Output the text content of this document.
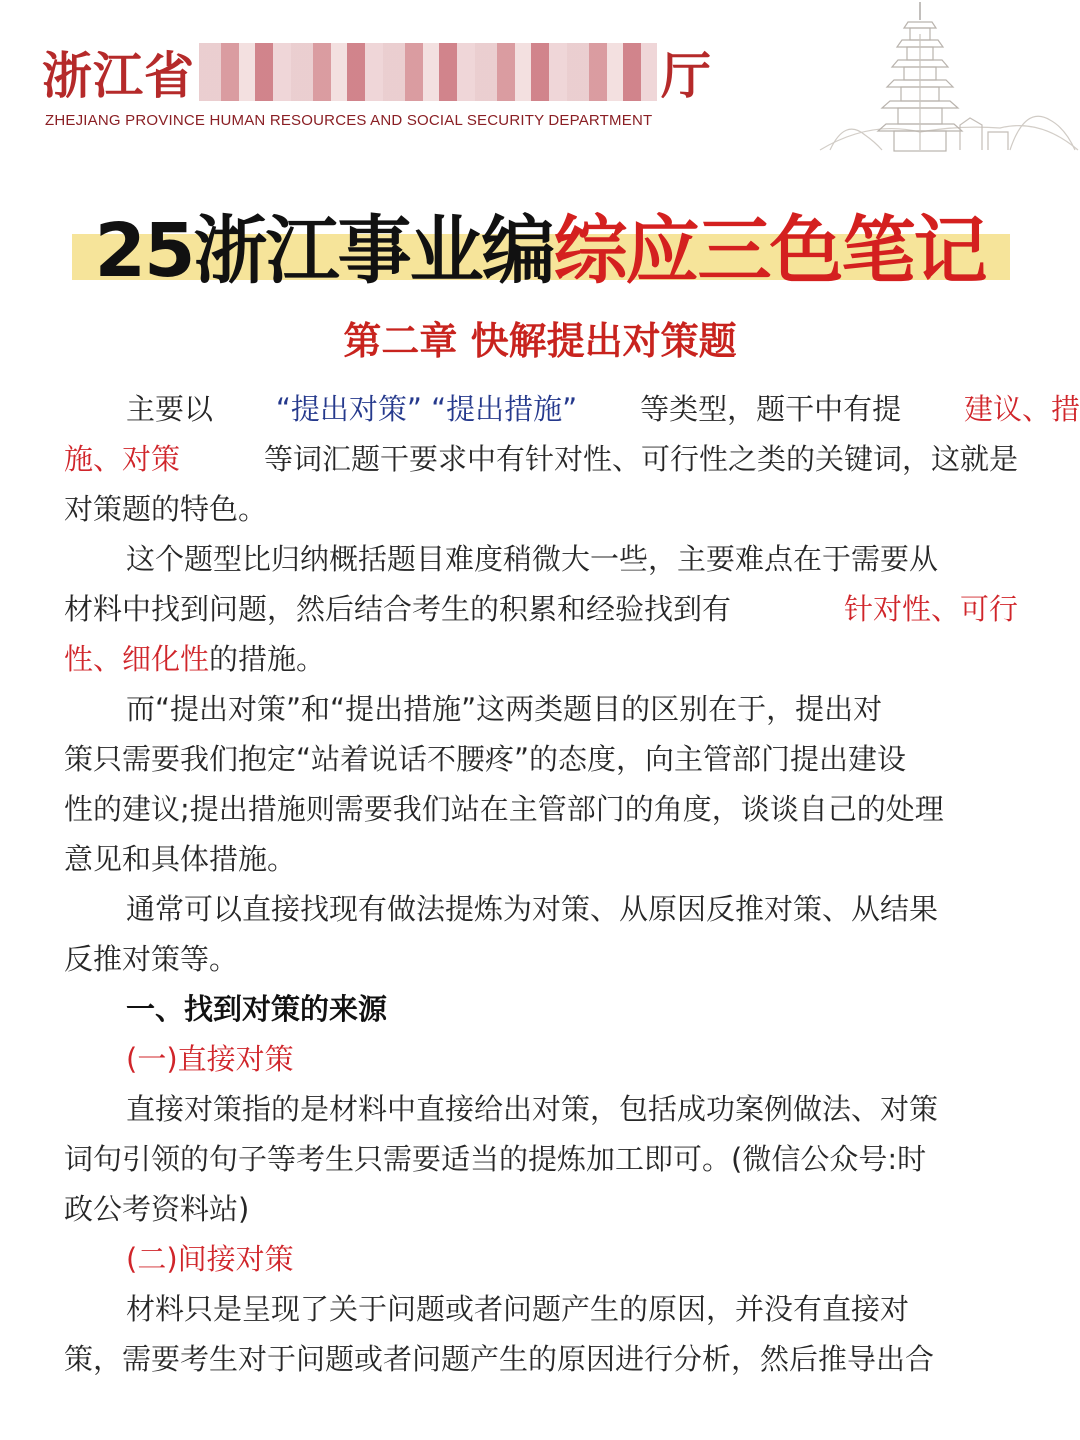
浙江省	厅
ZHEJIANG PROVINCE HUMAN RESOURCES AND SOCIAL SECURITY DEPARTMENT
25浙江事业编综应三色笔记
第二章 快解提出对策题
主要以 “提出对策” “提出措施” 等类型，题干中有提 建议、措
施、对策	等词汇题干要求中有针对性、可行性之类的关键词，这就是
对策题的特色。
这个题型比归纳概括题目难度稍微大一些，主要难点在于需要从
材料中找到问题，然后结合考生的积累和经验找到有	针对性、可行
性、细化性 的措施。
而“提出对策”和“提出措施”这两类题目的区别在于，提出对
策只需要我们抱定“站着说话不腰疼”的态度，向主管部门提出建设
性的建议;提出措施则需要我们站在主管部门的角度，谈谈自己的处理
意见和具体措施。
通常可以直接找现有做法提炼为对策、从原因反推对策、从结果
反推对策等。
一、找到对策的来源
(一)直接对策
直接对策指的是材料中直接给出对策，包括成功案例做法、对策
词句引领的句子等考生只需要适当的提炼加工即可。(微信公众号:时
政公考资料站)
(二)间接对策
材料只是呈现了关于问题或者问题产生的原因，并没有直接对
策，需要考生对于问题或者问题产生的原因进行分析，然后推导出合
